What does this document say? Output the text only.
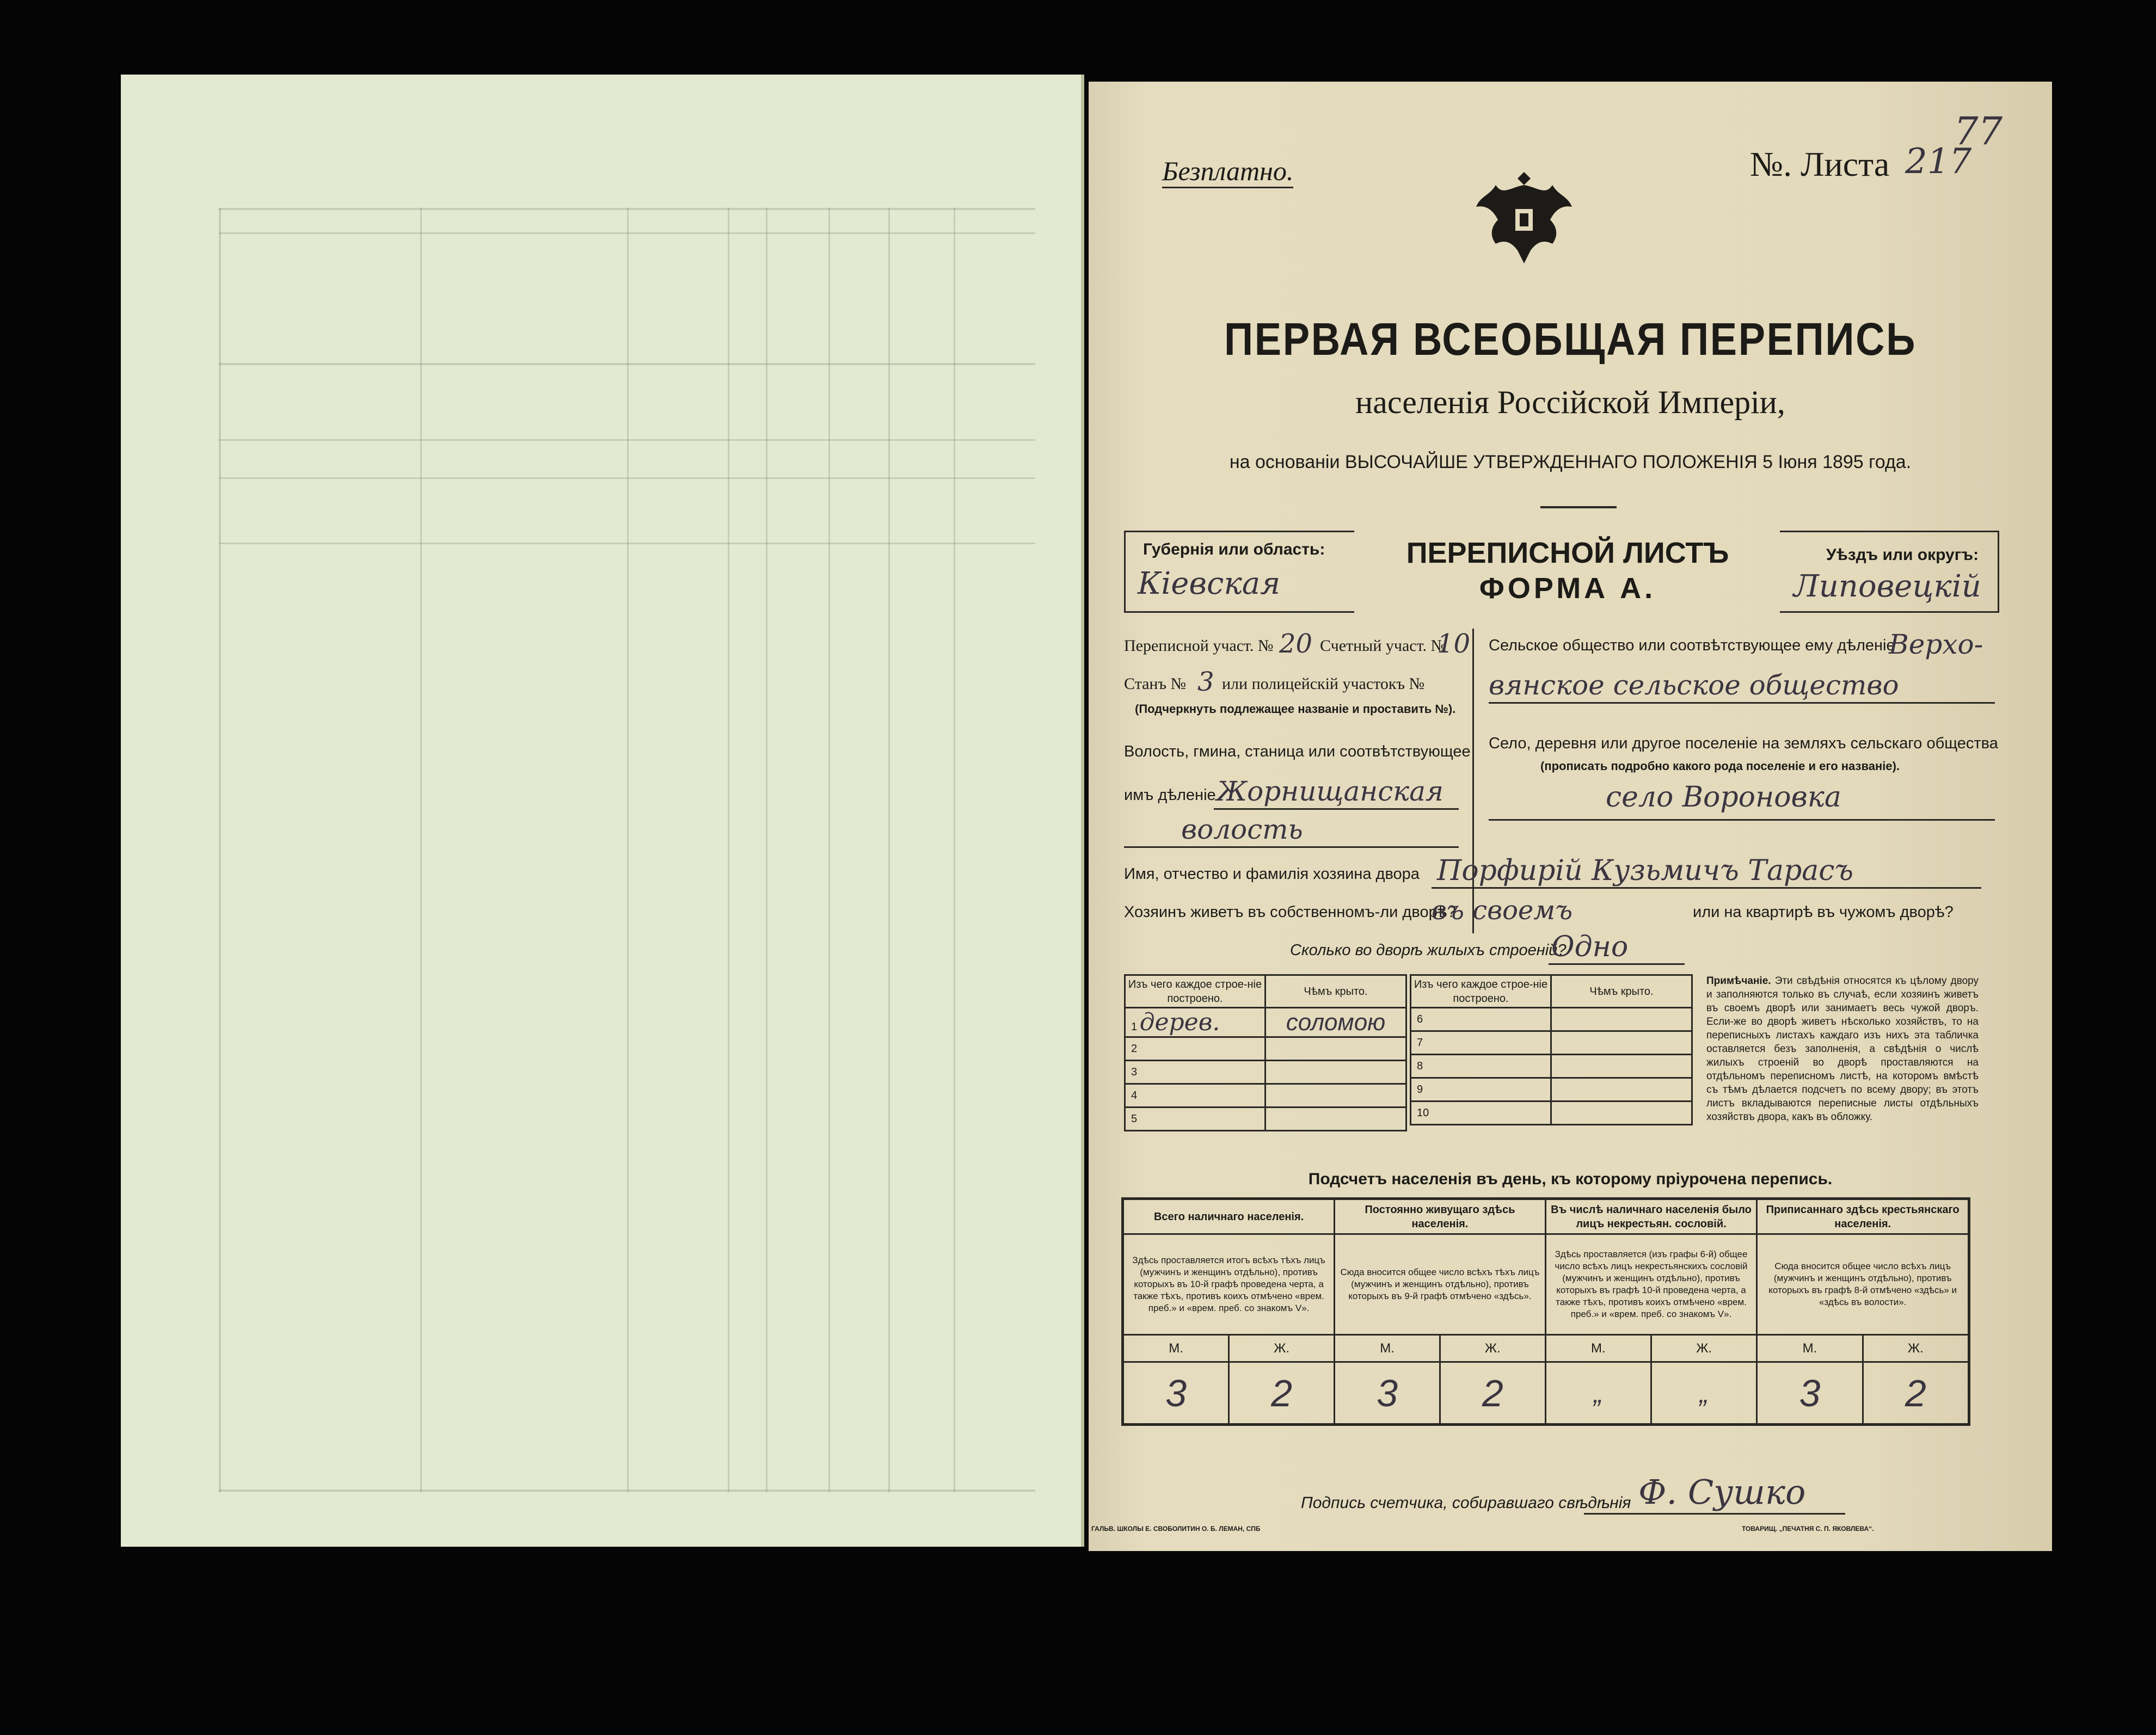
Безплатно.	№. Листа 217
77
ПЕРВАЯ ВСЕОБЩАЯ ПЕРЕПИСЬ
населенія Россійской Имперіи,
на основаніи ВЫСОЧАЙШЕ УТВЕРЖДЕННАГО ПОЛОЖЕНІЯ 5 Іюня 1895 года.
Губернія или область:
Кіевская
ПЕРЕПИСНОЙ ЛИСТЪ
ФОРМА А.
Уѣздъ или округъ:
Липовецкій
Переписной участ. № 20 Счетный участ. №
10
Станъ № 3 или полицейскій участокъ №
(Подчеркнуть подлежащее названіе и проставить №).
Волость, гмина, станица или соотвѣтствующее
имъ дѣленіе Жорнищанская
волость
Сельское общество или соотвѣтствующее ему дѣленіе
Верхо-
вянское сельское общество
Село, деревня или другое поселеніе на земляхъ сельскаго общества
(прописать подробно какого рода поселеніе и его названіе).
село Вороновка
Имя, отчество и фамилія хозяина двора Порфирій Кузьмичъ Тарасъ
Хозяинъ живетъ въ собственномъ-ли дворѣ?
въ своемъ	или на квартирѣ въ чужомъ дворѣ?
Сколько во дворѣ жилыхъ строеній?
Одно
Изъ чего каждое строе-ніе построено.	Чѣмъ крыто.
1 дерев.	соломою
2	
3	
4	
5	
Изъ чего каждое строе-ніе построено.	Чѣмъ крыто.
6	
7	
8	
9	
10	
Примѣчаніе. Эти свѣдѣнія относятся къ цѣлому двору и заполняются только въ случаѣ, если хозяинъ живетъ въ своемъ дворѣ или занимаетъ весь чужой дворъ. Если-же во дворѣ живетъ нѣсколько хозяйствъ, то на переписныхъ листахъ каждаго изъ нихъ эта табличка оставляется безъ заполненія, а свѣдѣнія о числѣ жилыхъ строеній во дворѣ проставляются на отдѣльномъ переписномъ листѣ, на которомъ вмѣстѣ съ тѣмъ дѣлается подсчетъ по всему двору; въ этотъ листъ вкладываются переписные листы отдѣльныхъ хозяйствъ двора, какъ въ обложку.
Подсчетъ населенія въ день, къ которому пріурочена перепись.
Всего наличнаго населенія.		Постоянно живущаго здѣсь населенія.		Въ числѣ наличнаго населенія было лицъ некрестьян. сословій.		Приписаннаго здѣсь крестьянскаго населенія.	
Здѣсь проставляется итогъ всѣхъ тѣхъ лицъ (мужчинъ и женщинъ отдѣльно), противъ которыхъ въ 10-й графѣ проведена черта, а также тѣхъ, противъ коихъ отмѣчено «врем. преб.» и «врем. преб. со знакомъ V».		Сюда вносится общее число всѣхъ тѣхъ лицъ (мужчинъ и женщинъ отдѣльно), противъ которыхъ въ 9-й графѣ отмѣчено «здѣсь».		Здѣсь проставляется (изъ графы 6-й) общее число всѣхъ лицъ некрестьянскихъ сословій (мужчинъ и женщинъ отдѣльно), противъ которыхъ въ графѣ 10-й проведена черта, а также тѣхъ, противъ коихъ отмѣчено «врем. преб.» и «врем. преб. со знакомъ V».		Сюда вносится общее число всѣхъ лицъ (мужчинъ и женщинъ отдѣльно), противъ которыхъ въ графѣ 8-й отмѣчено «здѣсь» и «здѣсь въ волости».	
М.	Ж.	М.	Ж.	М.	Ж.	М.	Ж.
3	2	3	2	„	„	3	2
Подпись счетчика, собиравшаго свѣдѣнія Ф. Сушко
ГАЛЬВ. ШКОЛЫ Е. СВОБОЛИТИН О. Б. ЛЕМАН, СПБ	ТОВАРИЩ. „ПЕЧАТНЯ С. П. ЯКОВЛЕВА“.
